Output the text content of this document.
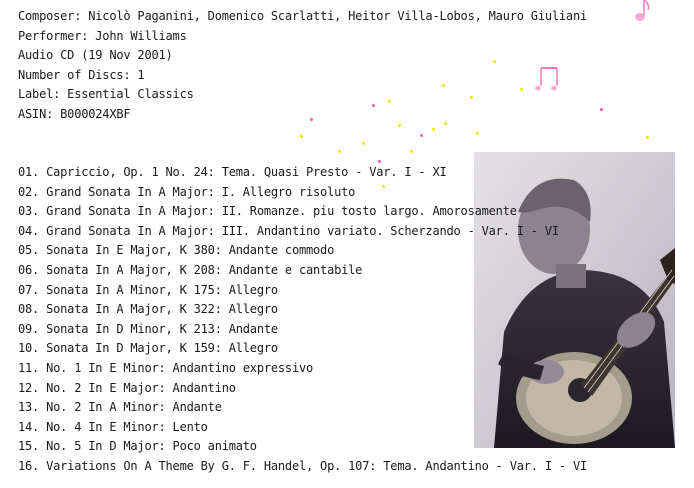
Composer: Nicolò Paganini, Domenico Scarlatti, Heitor Villa-Lobos, Mauro Giuliani
Performer: John Williams
Audio CD (19 Nov 2001)
Number of Discs: 1
Label: Essential Classics
ASIN: B000024XBF
01. Capriccio, Op. 1 No. 24: Tema. Quasi Presto - Var. I - XI
02. Grand Sonata In A Major: I. Allegro risoluto
03. Grand Sonata In A Major: II. Romanze. piu tosto largo. Amorosamente
04. Grand Sonata In A Major: III. Andantino variato. Scherzando - Var. I - VI
05. Sonata In E Major, K 380: Andante commodo
06. Sonata In A Major, K 208: Andante e cantabile
07. Sonata In A Minor, K 175: Allegro
08. Sonata In A Major, K 322: Allegro
09. Sonata In D Minor, K 213: Andante
10. Sonata In D Major, K 159: Allegro
11. No. 1 In E Minor: Andantino expressivo
12. No. 2 In E Major: Andantino
13. No. 2 In A Minor: Andante
14. No. 4 In E Minor: Lento
15. No. 5 In D Major: Poco animato
16. Variations On A Theme By G. F. Handel, Op. 107: Tema. Andantino - Var. I - VI
